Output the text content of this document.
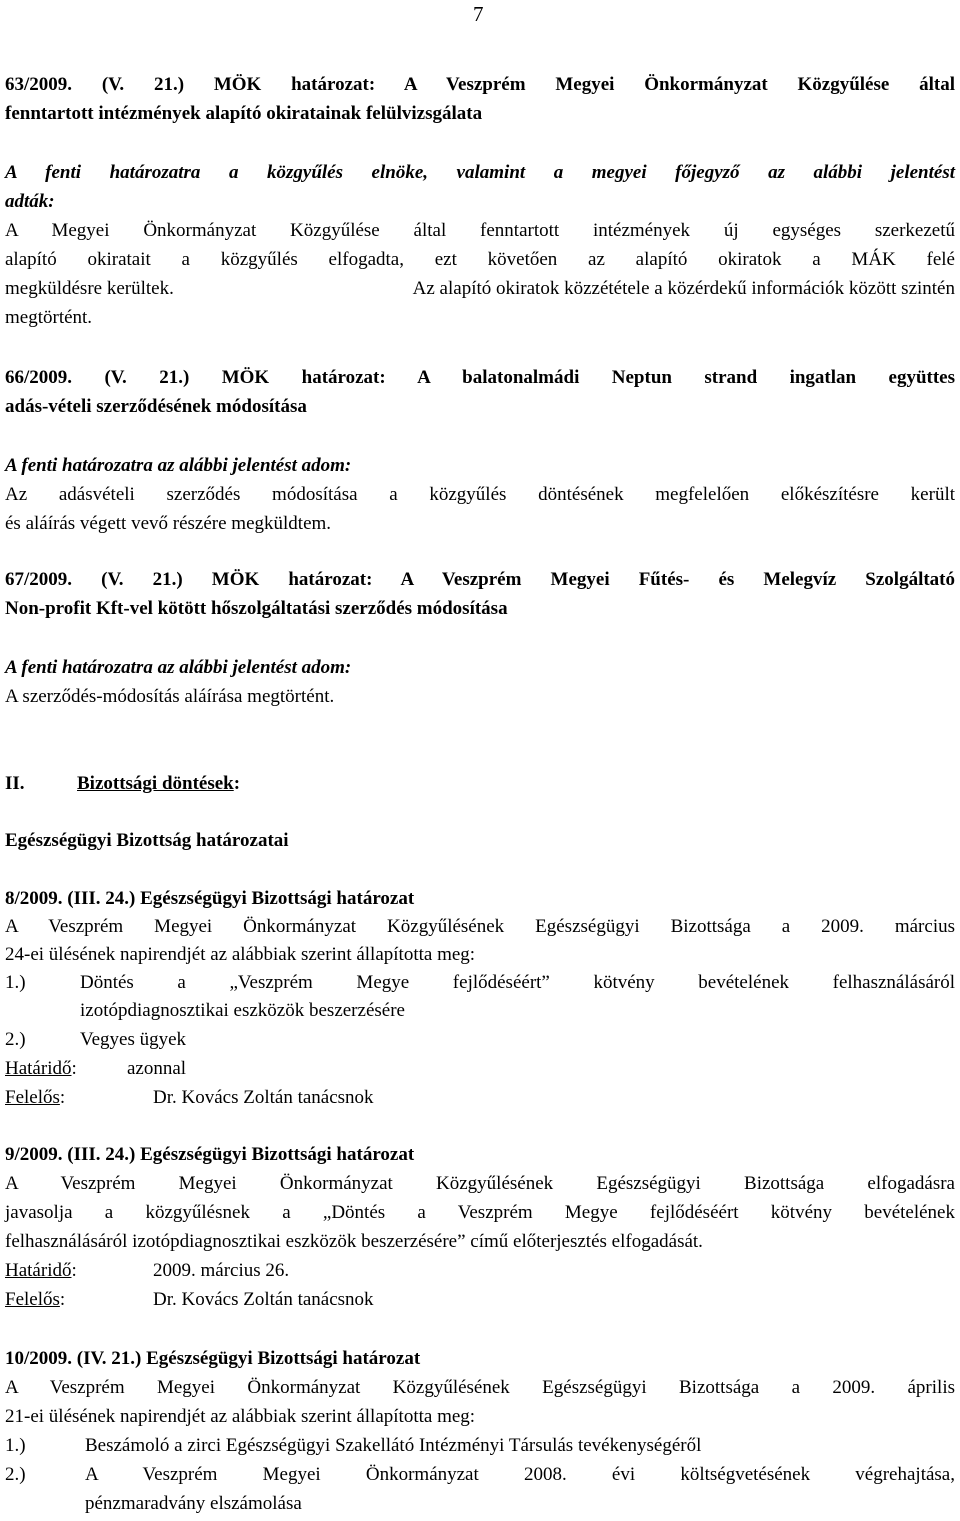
7
63/2009. (V. 21.) MÖK határozat: A Veszprém Megyei Önkormányzat Közgyűlése által
fenntartott intézmények alapító okiratainak felülvizsgálata
A fenti határozatra a közgyűlés elnöke, valamint a megyei főjegyző az alábbi jelentést
adták:
A Megyei Önkormányzat Közgyűlése által fenntartott intézmények új egységes szerkezetű
alapító okiratait a közgyűlés elfogadta, ezt követően az alapító okiratok a MÁK felé
megküldésre kerültek.	Az alapító okiratok közzététele a közérdekű információk között szintén
megtörtént.
66/2009. (V. 21.) MÖK határozat: A balatonalmádi Neptun strand ingatlan együttes
adás-vételi szerződésének módosítása
A fenti határozatra az alábbi jelentést adom:
Az adásvételi szerződés módosítása a közgyűlés döntésének megfelelően előkészítésre került
és aláírás végett vevő részére megküldtem.
67/2009. (V. 21.) MÖK határozat: A Veszprém Megyei Fűtés- és Melegvíz Szolgáltató
Non-profit Kft-vel kötött hőszolgáltatási szerződés módosítása
A fenti határozatra az alábbi jelentést adom:
A szerződés-módosítás aláírása megtörtént.
II.	Bizottsági döntések:
Egészségügyi Bizottság határozatai
8/2009. (III. 24.) Egészségügyi Bizottsági határozat
A Veszprém Megyei Önkormányzat Közgyűlésének Egészségügyi Bizottsága a 2009. március
24-ei ülésének napirendjét az alábbiak szerint állapította meg:
1.)	Döntés a „Veszprém Megye fejlődéséért” kötvény bevételének felhasználásáról
izotópdiagnosztikai eszközök beszerzésére
2.)	Vegyes ügyek
Határidő:	azonnal
Felelős:	Dr. Kovács Zoltán tanácsnok
9/2009. (III. 24.) Egészségügyi Bizottsági határozat
A Veszprém Megyei Önkormányzat Közgyűlésének Egészségügyi Bizottsága elfogadásra
javasolja a közgyűlésnek a „Döntés a Veszprém Megye fejlődéséért kötvény bevételének
felhasználásáról izotópdiagnosztikai eszközök beszerzésére” című előterjesztés elfogadását.
Határidő:	2009. március 26.
Felelős:	Dr. Kovács Zoltán tanácsnok
10/2009. (IV. 21.) Egészségügyi Bizottsági határozat
A Veszprém Megyei Önkormányzat Közgyűlésének Egészségügyi Bizottsága a 2009. április
21-ei ülésének napirendjét az alábbiak szerint állapította meg:
1.)	Beszámoló a zirci Egészségügyi Szakellátó Intézményi Társulás tevékenységéről
2.)	A Veszprém Megyei Önkormányzat 2008. évi költségvetésének végrehajtása,
pénzmaradvány elszámolása
